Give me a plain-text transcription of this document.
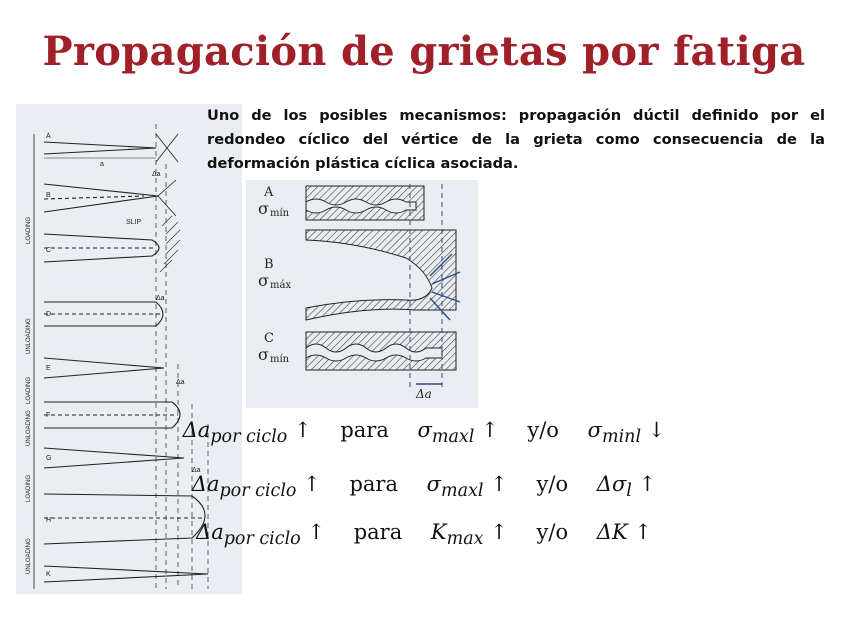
Propagación de grietas por fatiga
A
B
C
D
E
F
G
H
K
a
Δa
Δa
Δa
Δa
SLIP
LOADING
UNLOADING
LOADING
UNLOADING
LOADING
UNLOADING
Uno de los posibles mecanismos: propagación dúctil definido por el redondeo cíclico del vértice de la grieta como consecuencia de la deformación plástica cíclica asociada.
A
σ mín
B
σ máx
C
σ mín
Δa
$\Delta a_{por ciclo}$ ↑ para $\sigma_{maxl}$ ↑ y/o $\sigma_{minl}$ ↓
$\Delta a_{por ciclo}$ ↑ para $\sigma_{maxl}$ ↑ y/o $\Delta\sigma_l$ ↑
$\Delta a_{por ciclo}$ ↑ para $K_{max}$ ↑ y/o ΔK ↑
